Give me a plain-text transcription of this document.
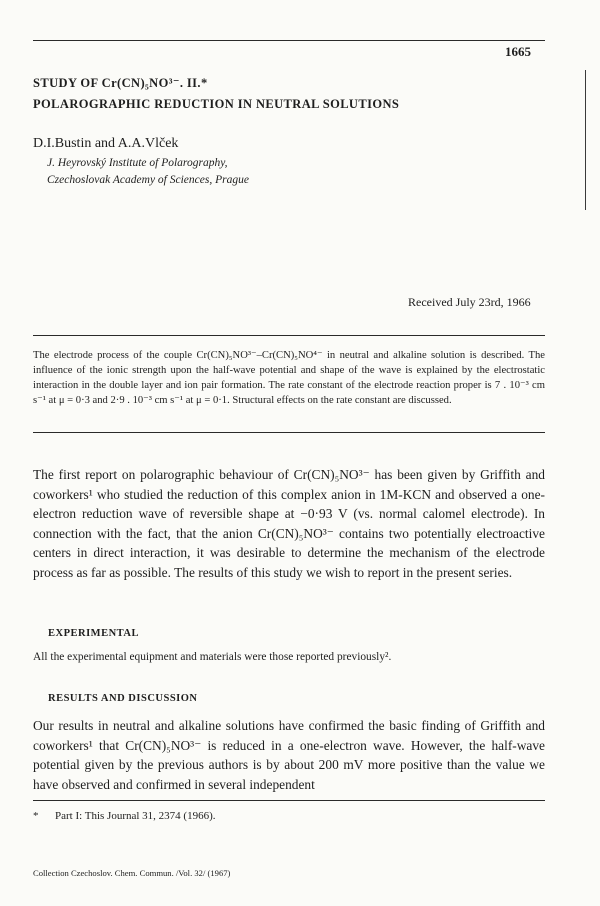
1665
STUDY OF Cr(CN)₅NO³⁻. II.*
POLAROGRAPHIC REDUCTION IN NEUTRAL SOLUTIONS
D.I.Bustin and A.A.Vlček
J. Heyrovský Institute of Polarography,
Czechoslovak Academy of Sciences, Prague
Received July 23rd, 1966

The electrode process of the couple Cr(CN)₅NO³⁻–Cr(CN)₅NO⁴⁻ in neutral and alkaline solution is described. The influence of the ionic strength upon the half-wave potential and shape of the wave is explained by the electrostatic interaction in the double layer and ion pair formation. The rate constant of the electrode reaction proper is 7 . 10⁻³ cm s⁻¹ at μ = 0·3 and 2·9 . 10⁻³ cm s⁻¹ at μ = 0·1. Structural effects on the rate constant are discussed.

The first report on polarographic behaviour of Cr(CN)₅NO³⁻ has been given by Griffith and coworkers¹ who studied the reduction of this complex anion in 1M-KCN and observed a one-electron reduction wave of reversible shape at −0·93 V (vs. normal calomel electrode). In connection with the fact, that the anion Cr(CN)₅NO³⁻ contains two potentially electroactive centers in direct interaction, it was desirable to determine the mechanism of the electrode process as far as possible. The results of this study we wish to report in the present series.

EXPERIMENTAL
All the experimental equipment and materials were those reported previously².
RESULTS AND DISCUSSION

Our results in neutral and alkaline solutions have confirmed the basic finding of Griffith and coworkers¹ that Cr(CN)₅NO³⁻ is reduced in a one-electron wave. However, the half-wave potential given by the previous authors is by about 200 mV more positive than the value we have observed and confirmed in several independent

*      Part I: This Journal 31, 2374 (1966).
Collection Czechoslov. Chem. Commun. /Vol. 32/ (1967)
